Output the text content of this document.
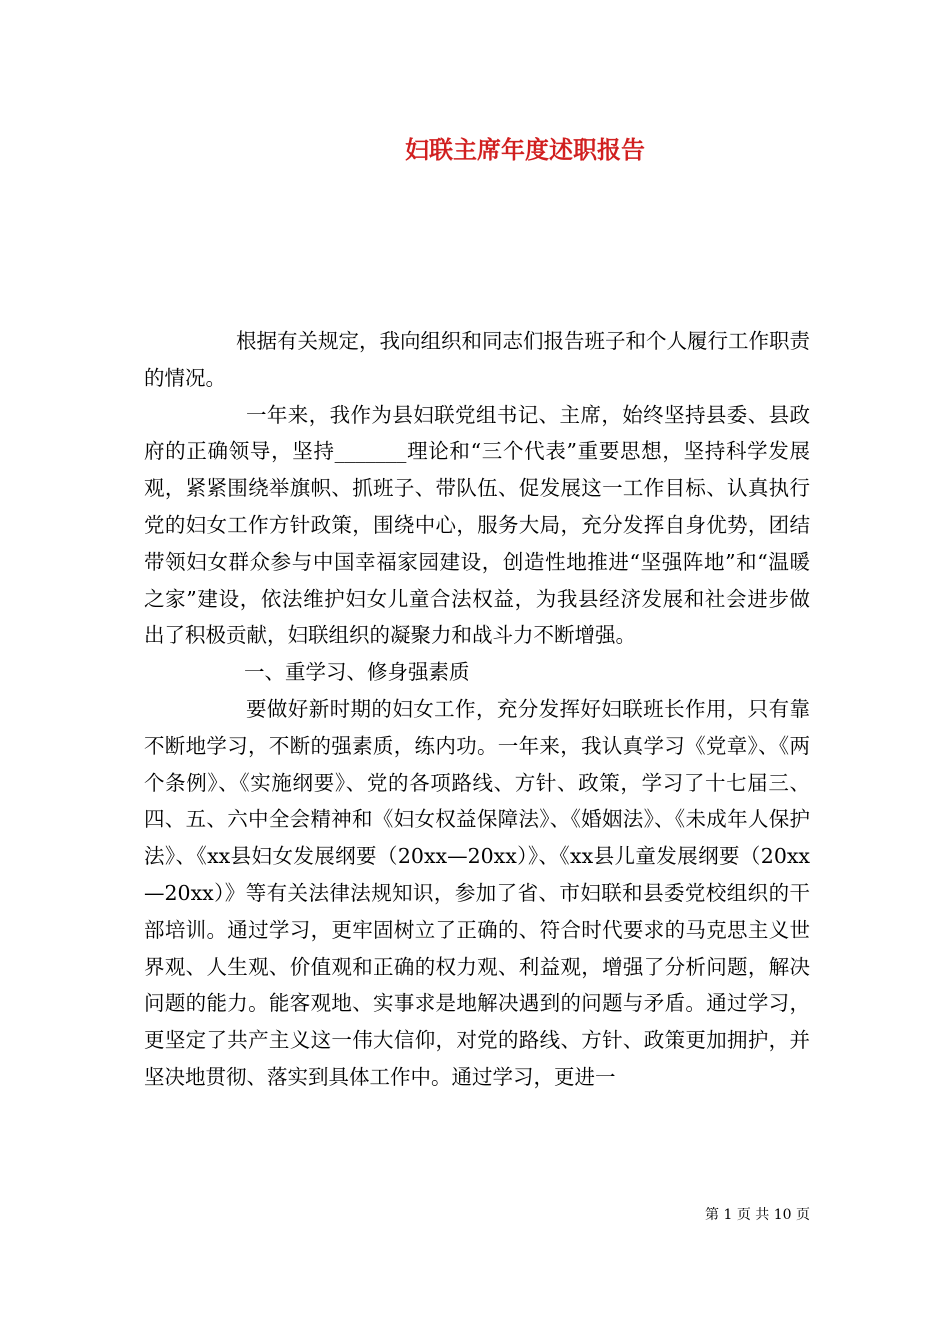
妇联主席年度述职报告

根据有关规定，我向组织和同志们报告班子和个人履行工作职责的情况。

一年来，我作为县妇联党组书记、主席，始终坚持县委、县政府的正确领导，坚持_______理论和“三个代表”重要思想，坚持科学发展观，紧紧围绕举旗帜、抓班子、带队伍、促发展这一工作目标、认真执行党的妇女工作方针政策，围绕中心，服务大局，充分发挥自身优势，团结带领妇女群众参与中国幸福家园建设，创造性地推进“坚强阵地”和“温暖之家”建设，依法维护妇女儿童合法权益，为我县经济发展和社会进步做出了积极贡献，妇联组织的凝聚力和战斗力不断增强。

一、重学习、修身强素质

要做好新时期的妇女工作，充分发挥好妇联班长作用，只有靠不断地学习，不断的强素质，练内功。一年来，我认真学习《党章》、《两个条例》、《实施纲要》、党的各项路线、方针、政策，学习了十七届三、四、五、六中全会精神和《妇女权益保障法》、《婚姻法》、《未成年人保护法》、《xx县妇女发展纲要（20xx—20xx）》、《xx县儿童发展纲要（20xx—20xx）》等有关法律法规知识，参加了省、市妇联和县委党校组织的干部培训。通过学习，更牢固树立了正确的、符合时代要求的马克思主义世界观、人生观、价值观和正确的权力观、利益观，增强了分析问题，解决问题的能力。能客观地、实事求是地解决遇到的问题与矛盾。通过学习，更坚定了共产主义这一伟大信仰，对党的路线、方针、政策更加拥护，并坚决地贯彻、落实到具体工作中。通过学习，更进一

第 1 页 共 10 页
